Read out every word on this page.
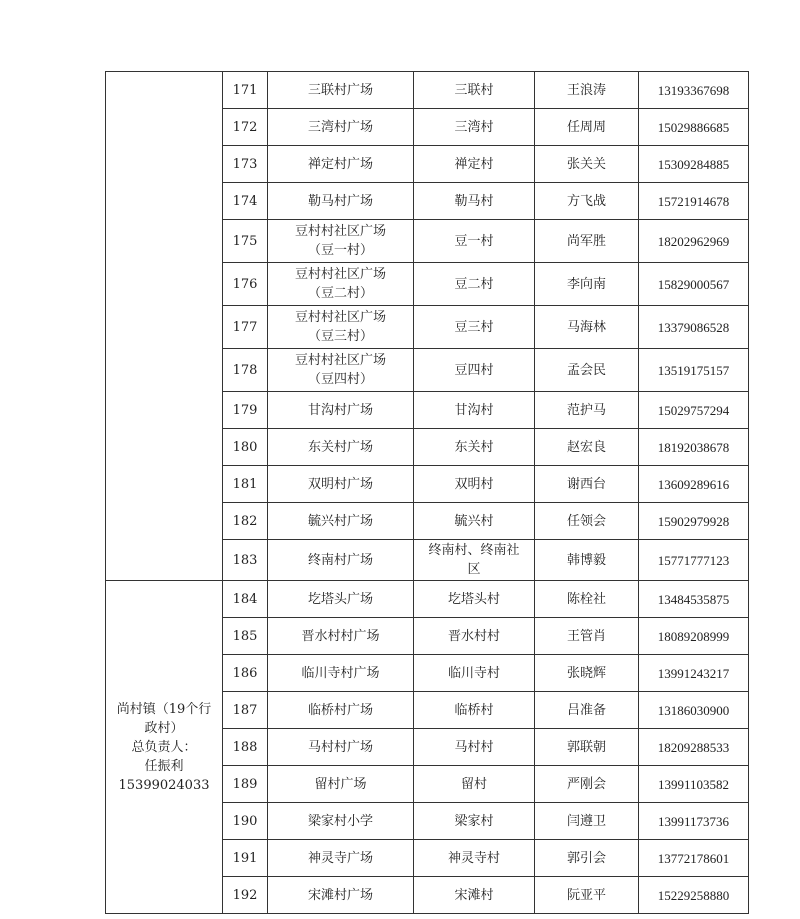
	171	三联村广场	三联村	王浪涛	13193367698
	172	三湾村广场	三湾村	任周周	15029886685
	173	禅定村广场	禅定村	张关关	15309284885
	174	勒马村广场	勒马村	方飞战	15721914678
	175	豆村村社区广场
（豆一村）	豆一村	尚军胜	18202962969
	176	豆村村社区广场
（豆二村）	豆二村	李向南	15829000567
	177	豆村村社区广场
（豆三村）	豆三村	马海林	13379086528
	178	豆村村社区广场
（豆四村）	豆四村	孟会民	13519175157
	179	甘沟村广场	甘沟村	范护马	15029757294
	180	东关村广场	东关村	赵宏良	18192038678
	181	双明村广场	双明村	谢西台	13609289616
	182	毓兴村广场	毓兴村	任领会	15902979928
	183	终南村广场	终南村、终南社
区	韩博毅	15771777123

尚村镇（19个行
政村）
总负责人：
任振利
15399024033	184	圪塔头广场	圪塔头村	陈栓社	13484535875
	185	晋水村村广场	晋水村村	王管肖	18089208999
	186	临川寺村广场	临川寺村	张晓辉	13991243217
	187	临桥村广场	临桥村	吕准备	13186030900
	188	马村村广场	马村村	郭联朝	18209288533
	189	留村广场	留村	严刚会	13991103582
	190	梁家村小学	梁家村	闫遵卫	13991173736
	191	神灵寺广场	神灵寺村	郭引会	13772178601
	192	宋滩村广场	宋滩村	阮亚平	15229258880
